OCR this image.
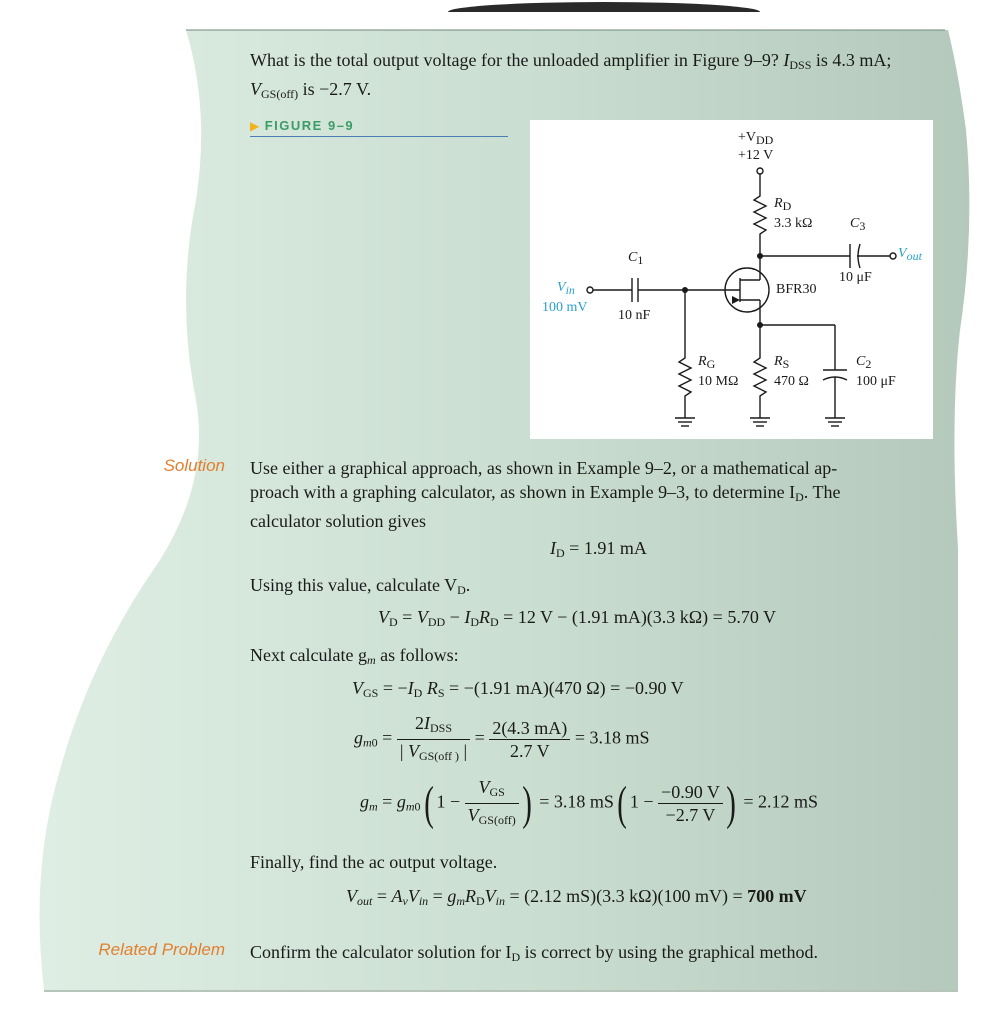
What is the total output voltage for the unloaded amplifier in Figure 9–9? $I_{DSS}$ is 4.3 mA;
$V_{GS(off)}$ is −2.7 V.
▶ FIGURE 9–9
$+V_{DD}$
+12 V
$R_D$
3.3 kΩ	$C_3$
10 μF
$V_{out}$
$C_1$
10 nF
$V_{in}$
100 mV
BFR30
$R_G$
10 MΩ
$R_S$
470 Ω
$C_2$
100 μF
Solution Use either a graphical approach, as shown in Example 9–2, or a mathematical ap-
proach with a graphing calculator, as shown in Example 9–3, to determine $I_D$. The
calculator solution gives
$I_D = 1.91$ mA
Using this value, calculate $V_D$.
$V_D = V_{DD} - I_DR_D = 12$ V − (1.91 mA)(3.3 kΩ) = 5.70 V
Next calculate $g_m$ as follows:
$V_{GS} = -I_D$ $R_S = -(1.91$ mA)(470 Ω) = −0.90 V
$g_{m0} = \frac{2I_{DSS}}{| V_{GS(off )} |} = \frac{2(4.3 mA)}{2.7 V} = 3.18$ mS
$g_m = g_{m0}$( $1 - \frac{V_{GS}}{V_{GS(off)}}$ ) = 3.18 mS( $1 - \frac{-0.90 V}{-2.7 V}$ ) = 2.12 mS
Finally, find the ac output voltage.
$V_{out} = A_vV_{in} = g_mR_DV_{in} = (2.12$ mS)(3.3 kΩ)(100 mV) = 700 mV
Related Problem Confirm the calculator solution for $I_D$ is correct by using the graphical method.
